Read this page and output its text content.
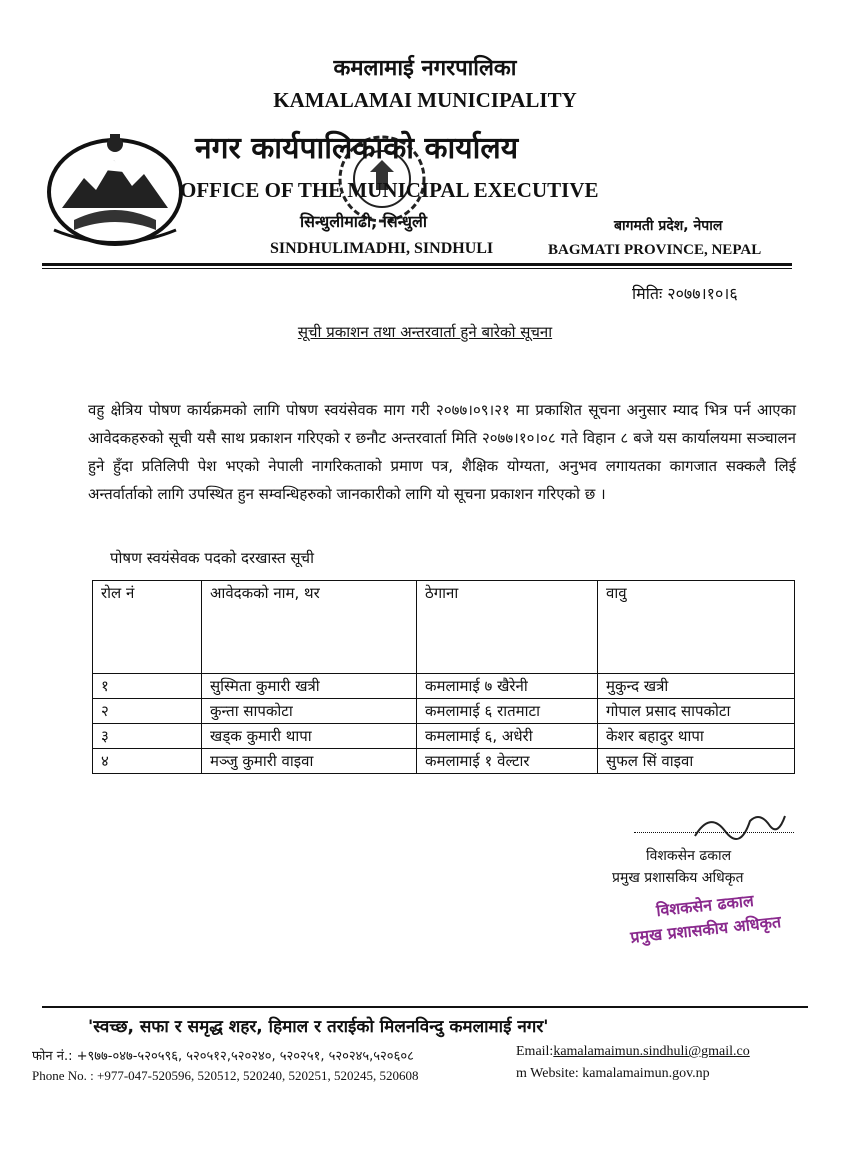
कमलामाई नगरपालिका
KAMALAMAI MUNICIPALITY
नगर कार्यपालिकाको कार्यालय
OFFICE OF THE MUNICIPAL EXECUTIVE
सिन्धुलीमाढी, सिन्धुली	बागमती प्रदेश, नेपाल
SINDHULIMADHI, SINDHULI	BAGMATI PROVINCE, NEPAL
मितिः २०७७।१०।६
सूची प्रकाशन तथा अन्तरवार्ता हुने बारेको सूचना

वहु क्षेत्रिय पोषण कार्यक्रमको लागि पोषण स्वयंसेवक माग गरी २०७७।०९।२१ मा प्रकाशित सूचना अनुसार म्याद भित्र पर्न आएका आवेदकहरुको सूची यसै साथ प्रकाशन गरिएको र छनौट अन्तरवार्ता मिति २०७७।१०।०८ गते विहान ८ बजे यस कार्यालयमा सञ्चालन हुने हुँदा प्रतिलिपी पेश भएको नेपाली नागरिकताको प्रमाण पत्र, शैक्षिक योग्यता, अनुभव लगायतका कागजात सक्कलै लिई अन्तर्वार्ताको लागि उपस्थित हुन सम्वन्धिहरुको जानकारीको लागि यो सूचना प्रकाशन गरिएको छ ।

पोषण स्वयंसेवक पदको दरखास्त सूची
रोल नं	आवेदकको नाम, थर	ठेगाना	वावु
१	सुस्मिता कुमारी खत्री	कमलामाई ७ खैरेनी	मुकुन्द खत्री
२	कुन्ता सापकोटा	कमलामाई ६ रातमाटा	गोपाल प्रसाद सापकोटा
३	खड्क कुमारी थापा	कमलामाई ६, अधेरी	केशर बहादुर थापा
४	मञ्जु कुमारी वाइवा	कमलामाई १ वेल्टार	सुफल सिं वाइवा
विशकसेन ढकाल
प्रमुख प्रशासकिय अधिकृत
विशकसेन ढकाल
प्रमुख प्रशासकीय अधिकृत
'स्वच्छ, सफा र समृद्ध शहर, हिमाल र तराईको मिलनविन्दु कमलामाई नगर'
फोन नं.: +९७७-०४७-५२०५९६, ५२०५१२,५२०२४०, ५२०२५१, ५२०२४५,५२०६०८
Phone No. : +977-047-520596, 520512, 520240, 520251, 520245, 520608
Email:kamalamaimun.sindhuli@gmail.co
m Website: kamalamaimun.gov.np
